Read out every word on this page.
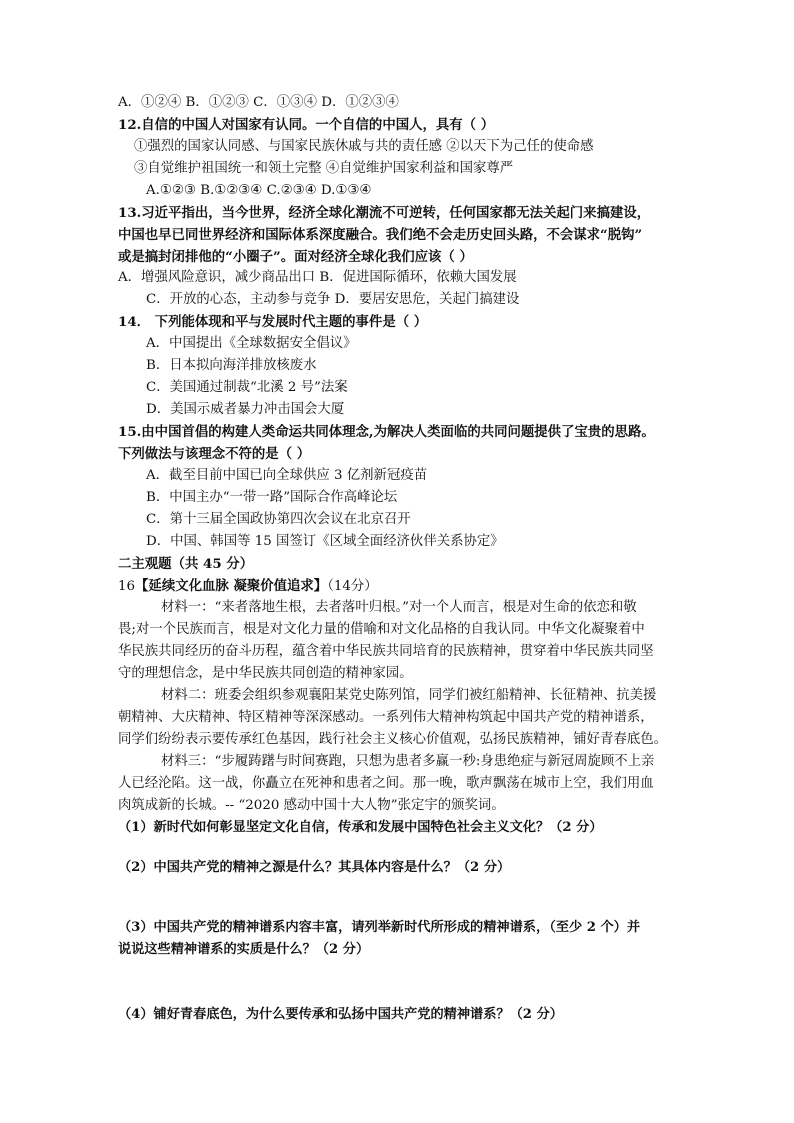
A．①②④ B．①②③ C．①③④ D．①②③④
12.自信的中国人对国家有认同。一个自信的中国人，具有（ ）
①强烈的国家认同感、与国家民族休戚与共的责任感 ②以天下为己任的使命感
③自觉维护祖国统一和领土完整 ④自觉维护国家利益和国家尊严
A.①②③ B.①②③④ C.②③④ D.①③④
13.习近平指出，当今世界，经济全球化潮流不可逆转，任何国家都无法关起门来搞建设，
中国也早已同世界经济和国际体系深度融合。我们绝不会走历史回头路，不会谋求“脱钩”
或是搞封闭排他的“小圈子”。面对经济全球化我们应该（ ）
A．增强风险意识，减少商品出口 B．促进国际循环，依赖大国发展
C．开放的心态，主动参与竞争 D．要居安思危，关起门搞建设
14． 下列能体现和平与发展时代主题的事件是（ ）
A．中国提出《全球数据安全倡议》
B．日本拟向海洋排放核废水
C．美国通过制裁“北溪 2 号”法案
D．美国示威者暴力冲击国会大厦
15.由中国首倡的构建人类命运共同体理念,为解决人类面临的共同问题提供了宝贵的思路。
下列做法与该理念不符的是（ ）
A．截至目前中国已向全球供应 3 亿剂新冠疫苗
B．中国主办“一带一路”国际合作高峰论坛
C．第十三届全国政协第四次会议在北京召开
D．中国、韩国等 15 国签订《区域全面经济伙伴关系协定》
二主观题（共 45 分）
16【延续文化血脉 凝聚价值追求】（14分）
材料一：“来者落地生根，去者落叶归根。”对一个人而言，根是对生命的依恋和敬
畏;对一个民族而言，根是对文化力量的借喻和对文化品格的自我认同。中华文化凝聚着中
华民族共同经历的奋斗历程，蕴含着中华民族共同培育的民族精神，贯穿着中华民族共同坚
守的理想信念，是中华民族共同创造的精神家园。
材料二：班委会组织参观襄阳某党史陈列馆，同学们被红船精神、长征精神、抗美援
朝精神、大庆精神、特区精神等深深感动。一系列伟大精神构筑起中国共产党的精神谱系，
同学们纷纷表示要传承红色基因，践行社会主义核心价值观，弘扬民族精神，铺好青春底色。
材料三：“步履踌躇与时间赛跑，只想为患者多赢一秒:身患绝症与新冠周旋顾不上亲
人已经沦陷。这一战，你矗立在死神和患者之间。那一晚，歌声飘荡在城市上空，我们用血
肉筑成新的长城。-- “2020 感动中国十大人物”张定宇的颁奖词。
（1）新时代如何彰显坚定文化自信，传承和发展中国特色社会主义文化？（2 分）
（2）中国共产党的精神之源是什么？其具体内容是什么？（2 分）
（3）中国共产党的精神谱系内容丰富，请列举新时代所形成的精神谱系，（至少 2 个）并
说说这些精神谱系的实质是什么？（2 分）
（4）铺好青春底色，为什么要传承和弘扬中国共产党的精神谱系？（2 分）
